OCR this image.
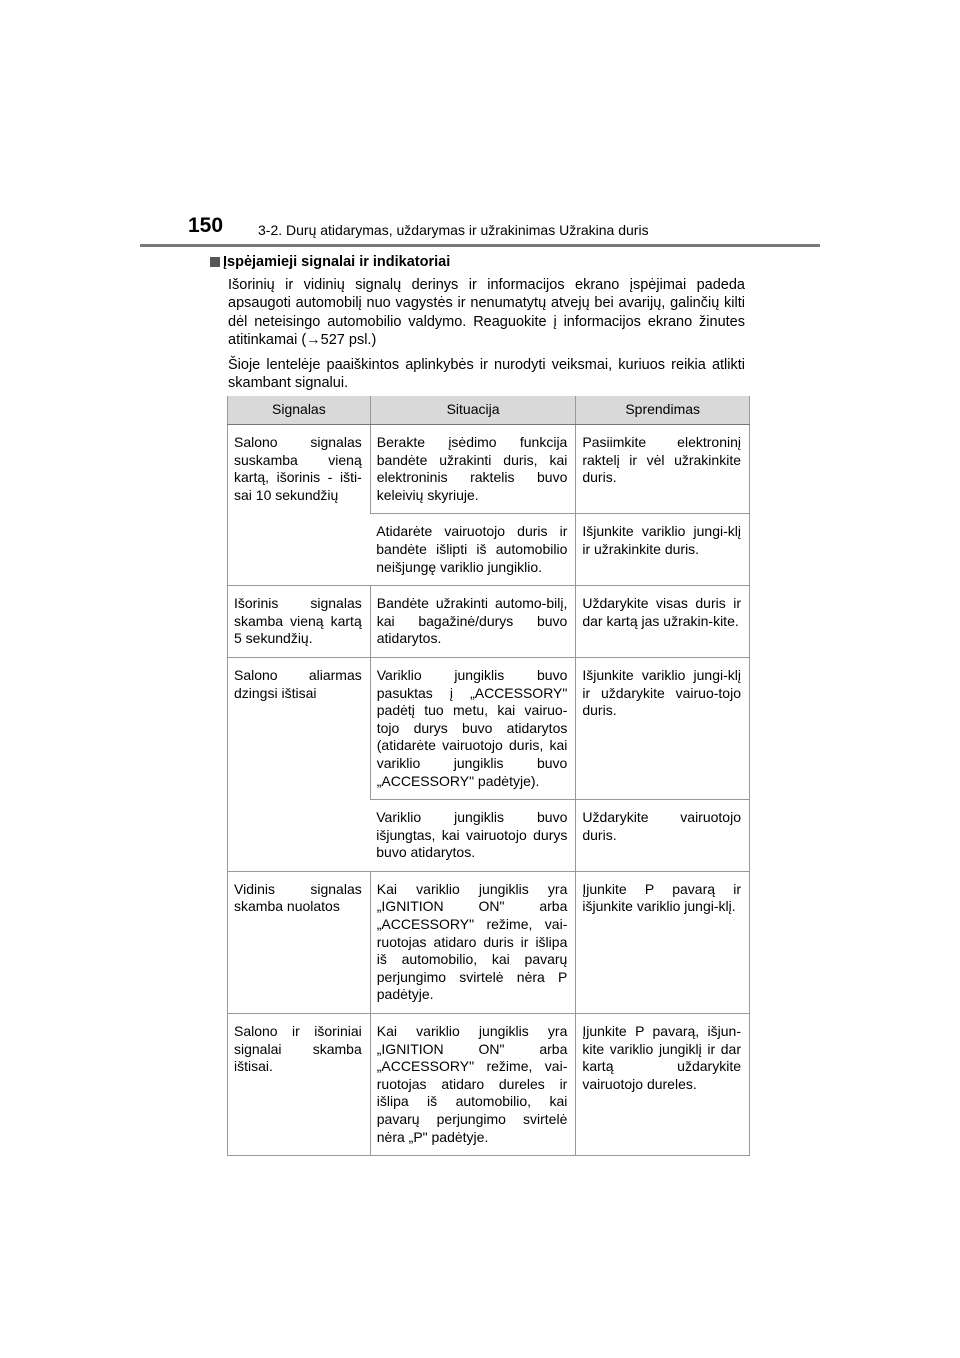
150 3-2. Durų atidarymas, uždarymas ir užrakinimas Užrakina duris
Įspėjamieji signalai ir indikatoriai

Išorinių ir vidinių signalų derinys ir informacijos ekrano įspėjimai padeda apsaugoti automobilį nuo vagystės ir nenumatytų atvejų bei avarijų, galinčių kilti dėl neteisingo automobilio valdymo. Reaguokite į informacijos ekrano žinutes atitinkamai (→527 psl.)

Šioje lentelėje paaiškintos aplinkybės ir nurodyti veiksmai, kuriuos reikia atlikti skambant signalui.

Signalas	Situacija	Sprendimas

Salono signalas suskamba vieną kartą, išorinis - išti-sai 10 sekundžių	Berakte įsėdimo funkcija bandėte užrakinti duris, kai elektroninis raktelis buvo keleivių skyriuje.	Pasiimkite elektroninį raktelį ir vėl užrakinkite duris.

	Atidarėte vairuotojo duris ir bandėte išlipti iš automobilio neišjungę variklio jungiklio.	Išjunkite variklio jungi-klį ir užrakinkite duris.

Išorinis signalas skamba vieną kartą 5 sekundžių.	Bandėte užrakinti automo-bilį, kai bagažinė/durys buvo atidarytos.	Uždarykite visas duris ir dar kartą jas užrakin-kite.

Salono aliarmas dzingsi ištisai	Variklio jungiklis buvo pasuktas į „ACCESSORY" padėtį tuo metu, kai vairuo-tojo durys buvo atidarytos (atidarėte vairuotojo duris, kai variklio jungiklis buvo „ACCESSORY" padėtyje).	Išjunkite variklio jungi-klį ir uždarykite vairuo-tojo duris.

	Variklio jungiklis buvo išjungtas, kai vairuotojo durys buvo atidarytos.	Uždarykite vairuotojo duris.

Vidinis signalas skamba nuolatos	Kai variklio jungiklis yra „IGNITION ON" arba „ACCESSORY" režime, vai-ruotojas atidaro duris ir išlipa iš automobilio, kai pavarų perjungimo svirtelė nėra P padėtyje.	Įjunkite P pavarą ir išjunkite variklio jungi-klį.

Salono ir išoriniai signalai skamba ištisai.	Kai variklio jungiklis yra „IGNITION ON" arba „ACCESSORY" režime, vai-ruotojas atidaro dureles ir išlipa iš automobilio, kai pavarų perjungimo svirtelė nėra „P" padėtyje.	Įjunkite P pavarą, išjun-kite variklio jungiklį ir dar kartą uždarykite vairuotojo dureles.
